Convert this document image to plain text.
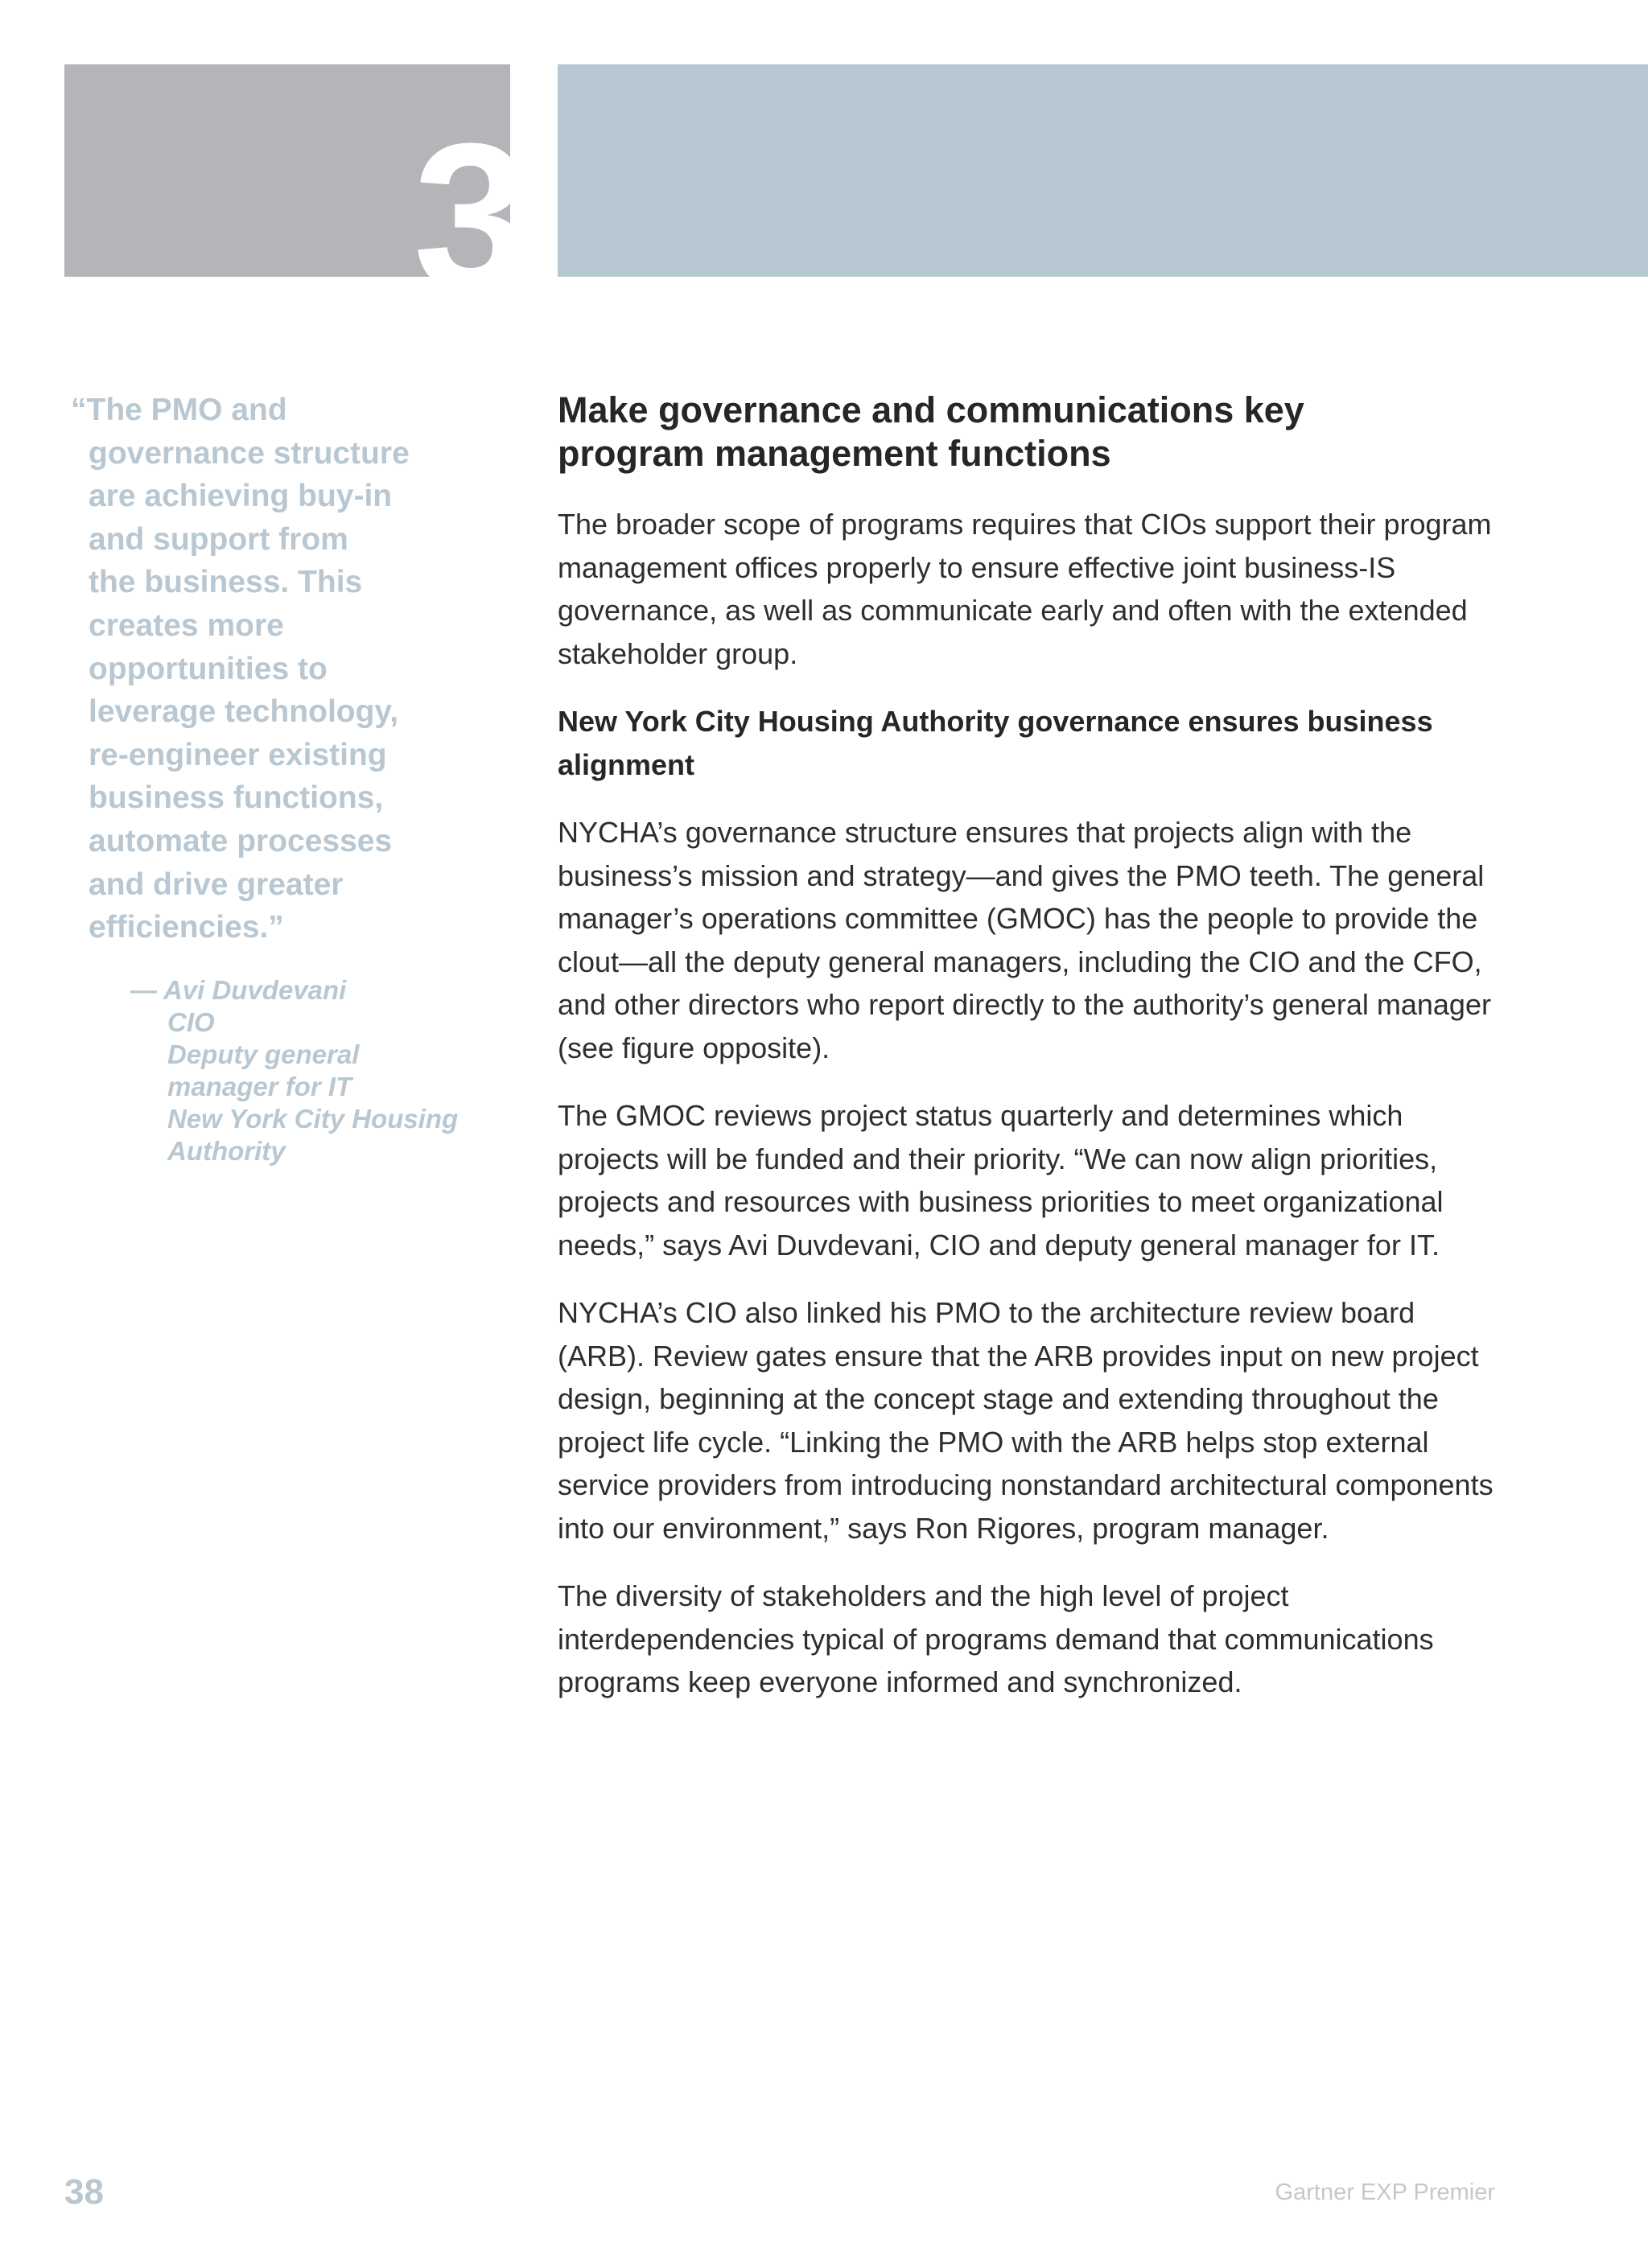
3
“The PMO and
governance structure
are achieving buy-in
and support from
the business. This
creates more
opportunities to
leverage technology,
re-engineer existing
business functions,
automate processes
and drive greater
efficiencies.”
— Avi Duvdevani
CIO
Deputy general
manager for IT
New York City Housing
Authority
Make governance and communications key
program management functions

The broader scope of programs requires that CIOs support their program
management offices properly to ensure effective joint business-IS
governance, as well as communicate early and often with the extended
stakeholder group.

New York City Housing Authority governance ensures business
alignment

NYCHA’s governance structure ensures that projects align with the
business’s mission and strategy—and gives the PMO teeth. The general
manager’s operations committee (GMOC) has the people to provide the
clout—all the deputy general managers, including the CIO and the CFO,
and other directors who report directly to the authority’s general manager
(see figure opposite).

The GMOC reviews project status quarterly and determines which
projects will be funded and their priority. “We can now align priorities,
projects and resources with business priorities to meet organizational
needs,” says Avi Duvdevani, CIO and deputy general manager for IT.

NYCHA’s CIO also linked his PMO to the architecture review board
(ARB). Review gates ensure that the ARB provides input on new project
design, beginning at the concept stage and extending throughout the
project life cycle. “Linking the PMO with the ARB helps stop external
service providers from introducing nonstandard architectural components
into our environment,” says Ron Rigores, program manager.

The diversity of stakeholders and the high level of project
interdependencies typical of programs demand that communications
programs keep everyone informed and synchronized.

38	Gartner EXP Premier
